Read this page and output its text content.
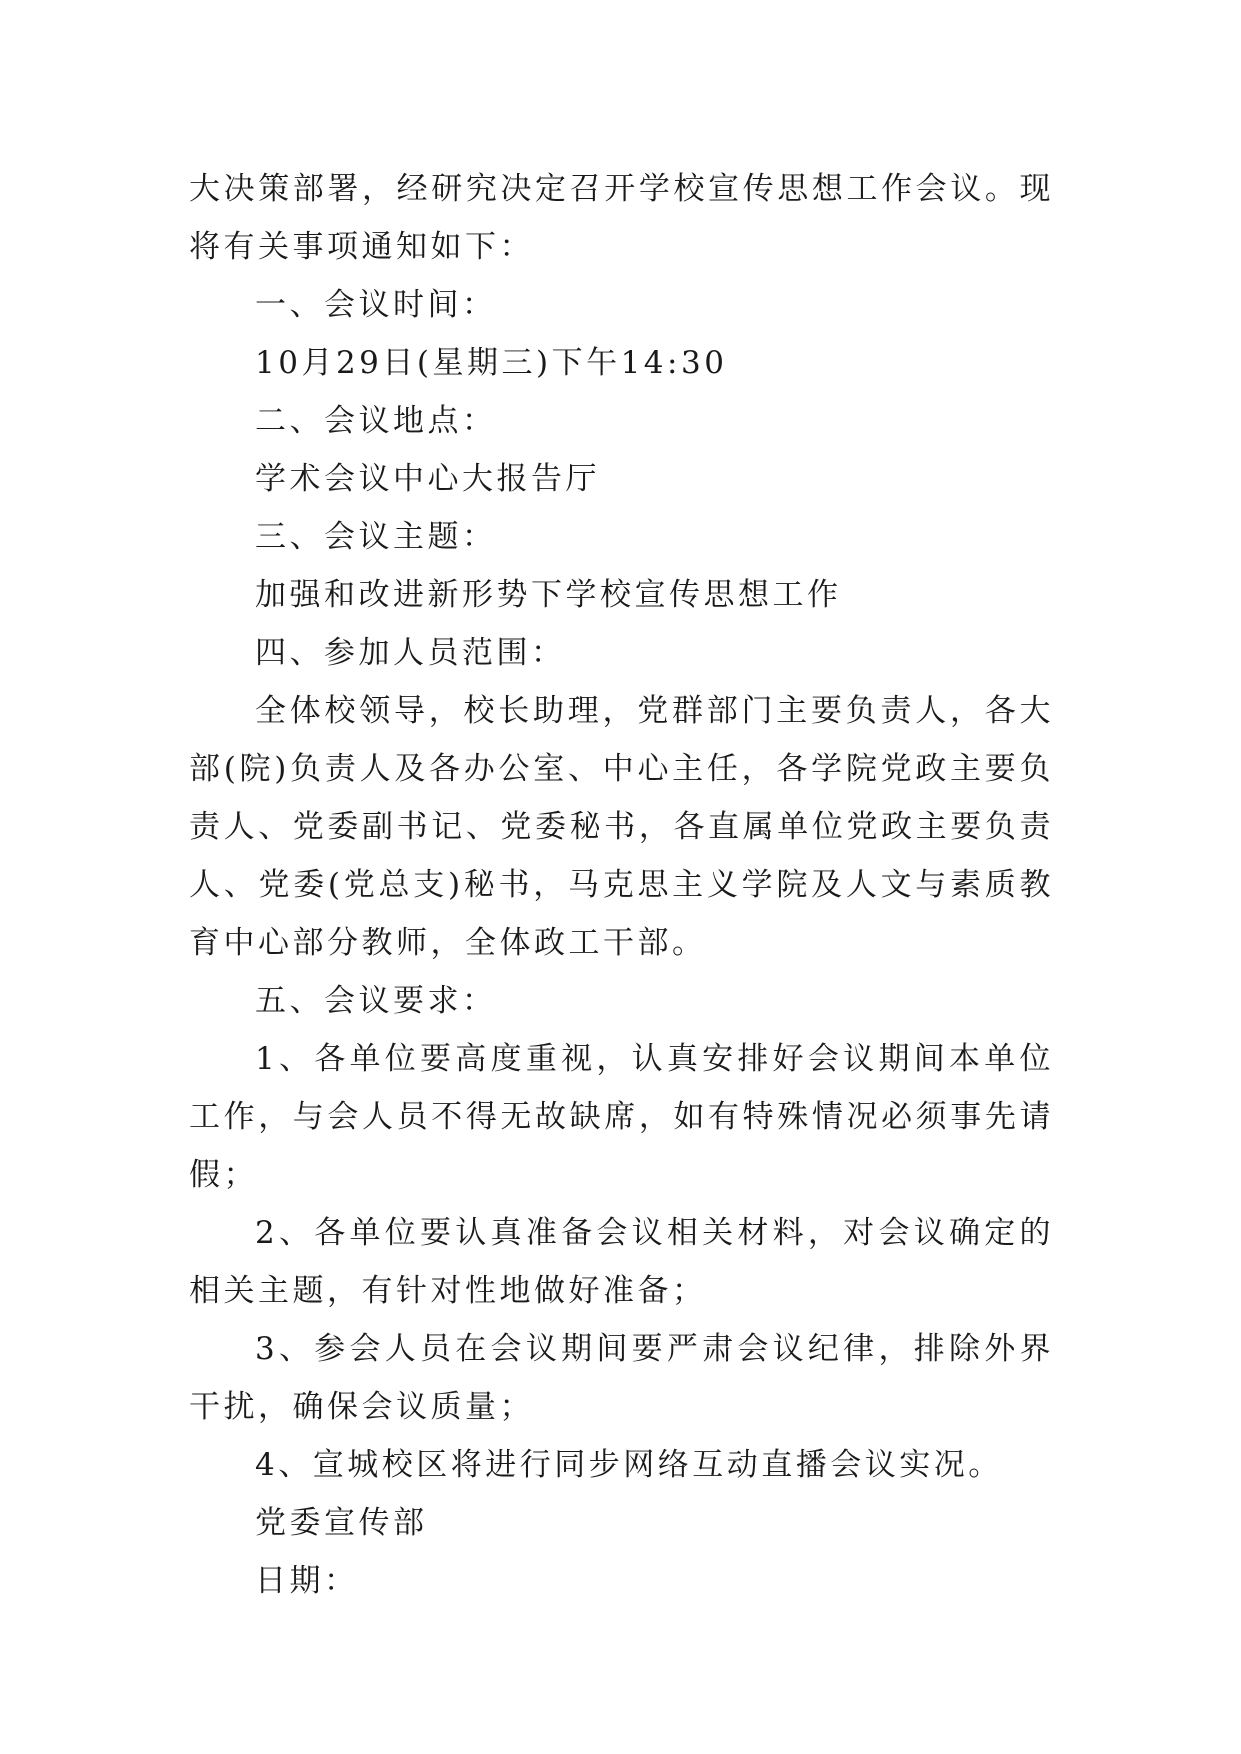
大决策部署，经研究决定召开学校宣传思想工作会议。现将有关事项通知如下：

一、会议时间：

10月29日(星期三)下午14:30

二、会议地点：

学术会议中心大报告厅

三、会议主题：

加强和改进新形势下学校宣传思想工作

四、参加人员范围：

全体校领导，校长助理，党群部门主要负责人，各大部(院)负责人及各办公室、中心主任，各学院党政主要负责人、党委副书记、党委秘书，各直属单位党政主要负责人、党委(党总支)秘书，马克思主义学院及人文与素质教育中心部分教师，全体政工干部。

五、会议要求：

1、各单位要高度重视，认真安排好会议期间本单位工作，与会人员不得无故缺席，如有特殊情况必须事先请假；

2、各单位要认真准备会议相关材料，对会议确定的相关主题，有针对性地做好准备；

3、参会人员在会议期间要严肃会议纪律，排除外界干扰，确保会议质量；

4、宣城校区将进行同步网络互动直播会议实况。

党委宣传部

日期：
